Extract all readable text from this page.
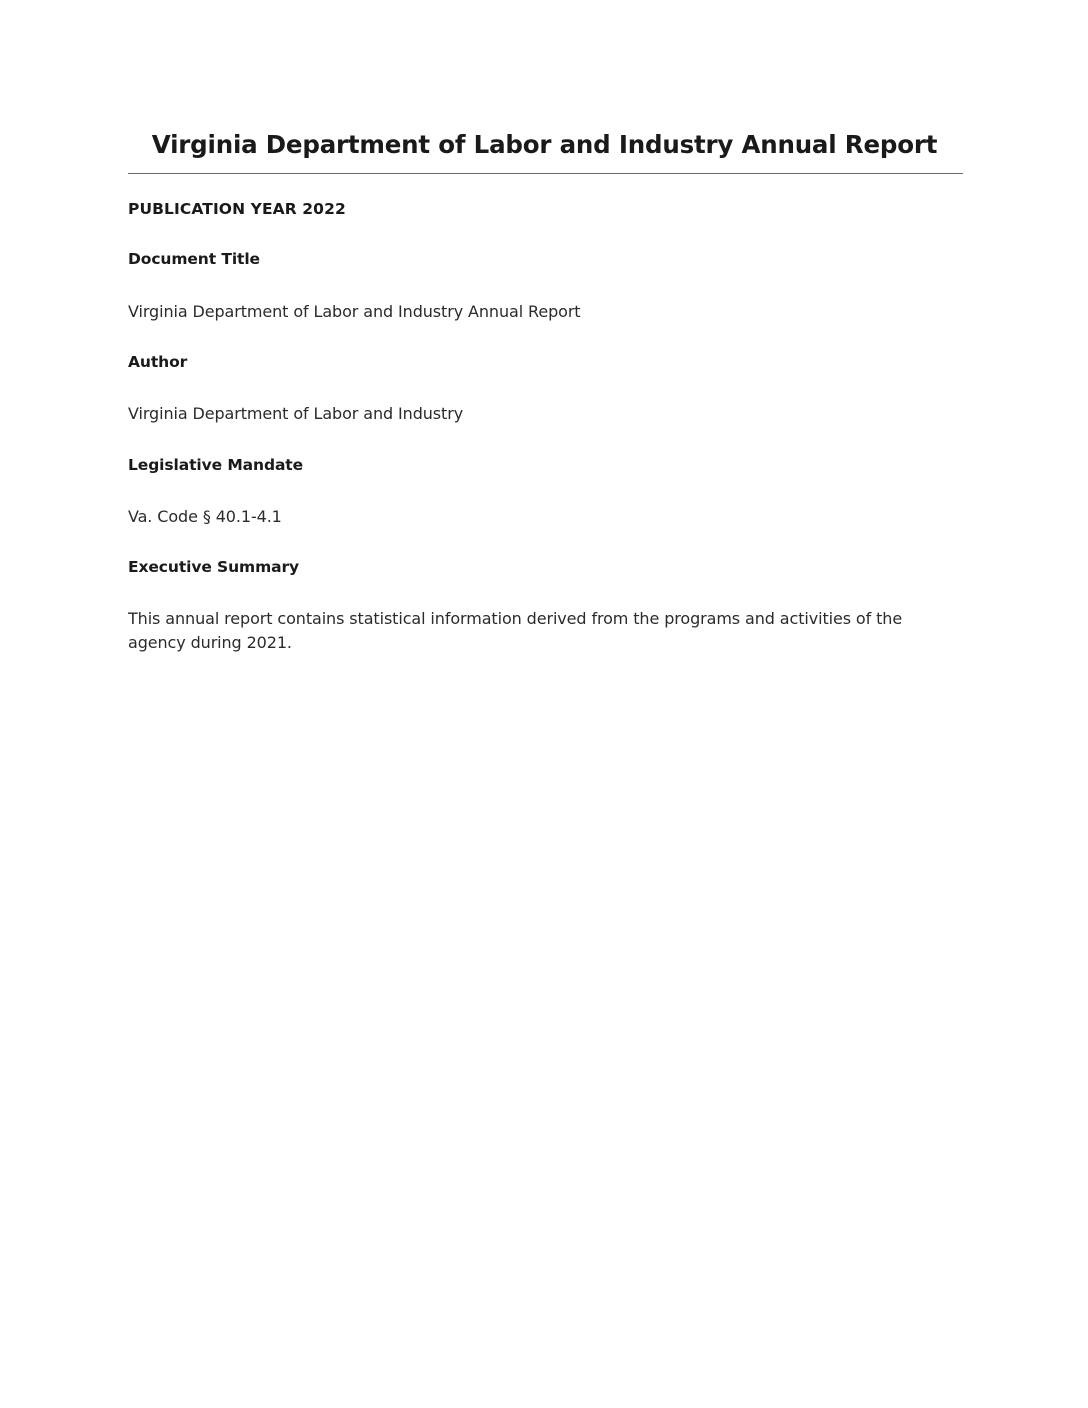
Virginia Department of Labor and Industry Annual Report
PUBLICATION YEAR 2022
Document Title
Virginia Department of Labor and Industry Annual Report
Author
Virginia Department of Labor and Industry
Legislative Mandate
Va. Code § 40.1-4.1
Executive Summary
This annual report contains statistical information derived from the programs and activities of the agency during 2021.
